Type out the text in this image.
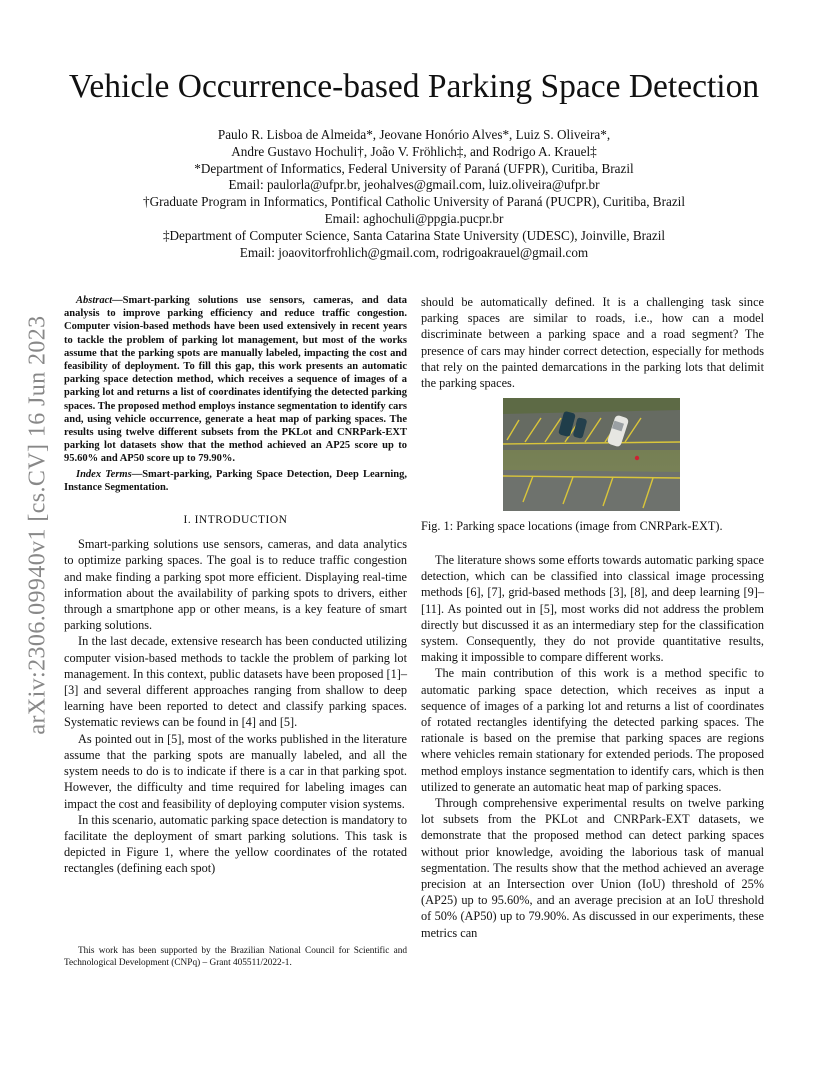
arXiv:2306.09940v1 [cs.CV] 16 Jun 2023
Vehicle Occurrence-based Parking Space Detection
Paulo R. Lisboa de Almeida*, Jeovane Honório Alves*, Luiz S. Oliveira*,
Andre Gustavo Hochuli†, João V. Fröhlich‡, and Rodrigo A. Krauel‡
*Department of Informatics, Federal University of Paraná (UFPR), Curitiba, Brazil
Email: paulorla@ufpr.br, jeohalves@gmail.com, luiz.oliveira@ufpr.br
†Graduate Program in Informatics, Pontifical Catholic University of Paraná (PUCPR), Curitiba, Brazil
Email: aghochuli@ppgia.pucpr.br
‡Department of Computer Science, Santa Catarina State University (UDESC), Joinville, Brazil
Email: joaovitorfrohlich@gmail.com, rodrigoakrauel@gmail.com

Abstract—Smart-parking solutions use sensors, cameras, and data analysis to improve parking efficiency and reduce traffic congestion. Computer vision-based methods have been used extensively in recent years to tackle the problem of parking lot management, but most of the works assume that the parking spots are manually labeled, impacting the cost and feasibility of deployment. To fill this gap, this work presents an automatic parking space detection method, which receives a sequence of images of a parking lot and returns a list of coordinates identifying the detected parking spaces. The proposed method employs instance segmentation to identify cars and, using vehicle occurrence, generate a heat map of parking spaces. The results using twelve different subsets from the PKLot and CNRPark-EXT parking lot datasets show that the method achieved an AP25 score up to 95.60% and AP50 score up to 79.90%.

Index Terms—Smart-parking, Parking Space Detection, Deep Learning, Instance Segmentation.

I. INTRODUCTION

Smart-parking solutions use sensors, cameras, and data analytics to optimize parking spaces. The goal is to reduce traffic congestion and make finding a parking spot more efficient. Displaying real-time information about the availability of parking spots to drivers, either through a smartphone app or other means, is a key feature of smart parking solutions.

In the last decade, extensive research has been conducted utilizing computer vision-based methods to tackle the problem of parking lot management. In this context, public datasets have been proposed [1]–[3] and several different approaches ranging from shallow to deep learning have been reported to detect and classify parking spaces. Systematic reviews can be found in [4] and [5].

As pointed out in [5], most of the works published in the literature assume that the parking spots are manually labeled, and all the system needs to do is to indicate if there is a car in that parking spot. However, the difficulty and time required for labeling images can impact the cost and feasibility of deploying computer vision systems.

In this scenario, automatic parking space detection is mandatory to facilitate the deployment of smart parking solutions. This task is depicted in Figure 1, where the yellow coordinates of the rotated rectangles (defining each spot)

This work has been supported by the Brazilian National Council for Scientific and Technological Development (CNPq) – Grant 405511/2022-1.

should be automatically defined. It is a challenging task since parking spaces are similar to roads, i.e., how can a model discriminate between a parking space and a road segment? The presence of cars may hinder correct detection, especially for methods that rely on the painted demarcations in the parking lots that delimit the parking spaces.

Fig. 1: Parking space locations (image from CNRPark-EXT).

The literature shows some efforts towards automatic parking space detection, which can be classified into classical image processing methods [6], [7], grid-based methods [3], [8], and deep learning [9]–[11]. As pointed out in [5], most works did not address the problem directly but discussed it as an intermediary step for the classification system. Consequently, they do not provide quantitative results, making it impossible to compare different works.

The main contribution of this work is a method specific to automatic parking space detection, which receives as input a sequence of images of a parking lot and returns a list of coordinates of rotated rectangles identifying the detected parking spaces. The rationale is based on the premise that parking spaces are regions where vehicles remain stationary for extended periods. The proposed method employs instance segmentation to identify cars, which is then utilized to generate an automatic heat map of parking spaces.

Through comprehensive experimental results on twelve parking lot subsets from the PKLot and CNRPark-EXT datasets, we demonstrate that the proposed method can detect parking spaces without prior knowledge, avoiding the laborious task of manual segmentation. The results show that the method achieved an average precision at an Intersection over Union (IoU) threshold of 25% (AP25) up to 95.60%, and an average precision at an IoU threshold of 50% (AP50) up to 79.90%. As discussed in our experiments, these metrics can
